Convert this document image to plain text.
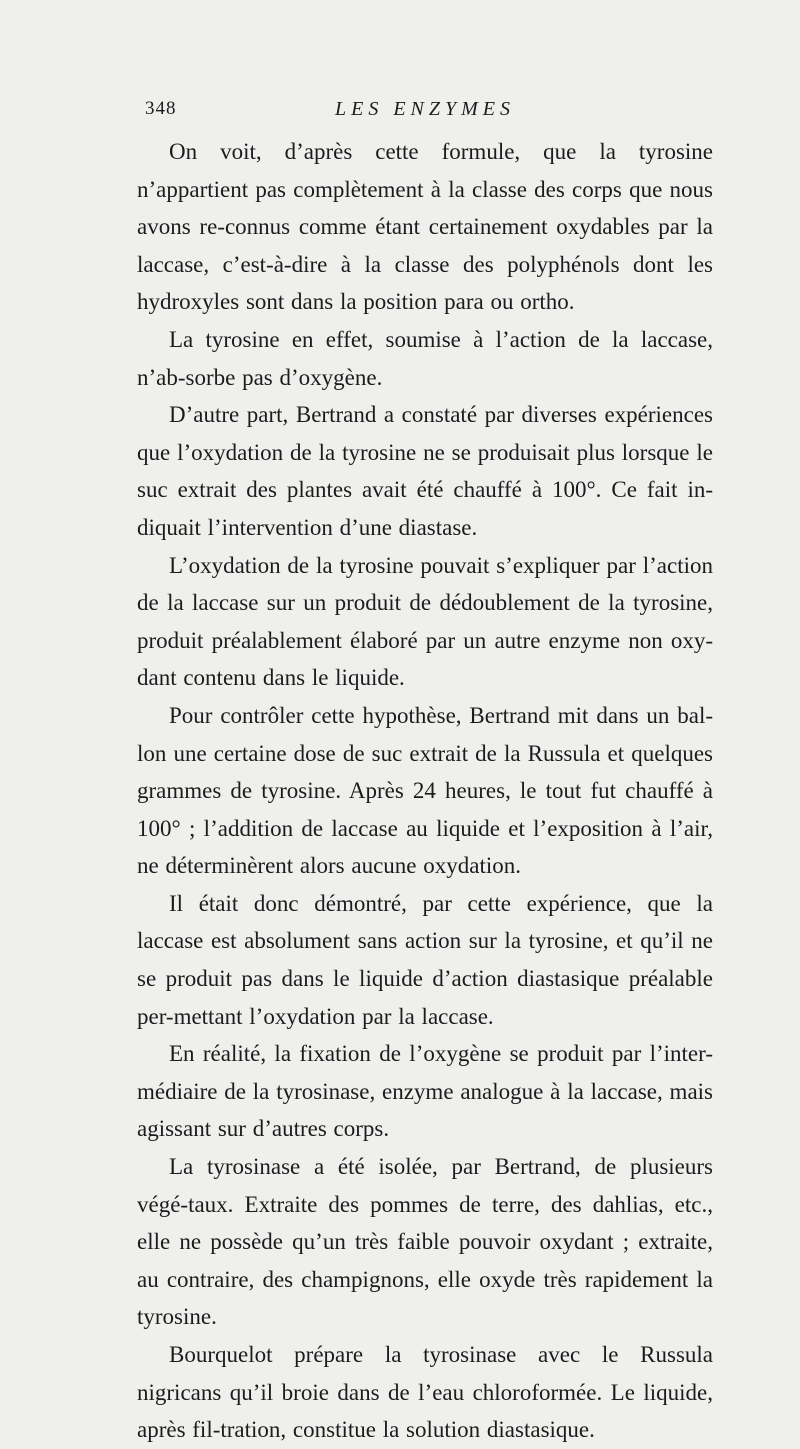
348	LES ENZYMES

On voit, d’après cette formule, que la tyrosine n’appartient pas complètement à la classe des corps que nous avons re-connus comme étant certainement oxydables par la laccase, c’est-à-dire à la classe des polyphénols dont les hydroxyles sont dans la position para ou ortho.

La tyrosine en effet, soumise à l’action de la laccase, n’ab-sorbe pas d’oxygène.

D’autre part, Bertrand a constaté par diverses expériences que l’oxydation de la tyrosine ne se produisait plus lorsque le suc extrait des plantes avait été chauffé à 100°. Ce fait in-diquait l’intervention d’une diastase.

L’oxydation de la tyrosine pouvait s’expliquer par l’action de la laccase sur un produit de dédoublement de la tyrosine, produit préalablement élaboré par un autre enzyme non oxy-dant contenu dans le liquide.

Pour contrôler cette hypothèse, Bertrand mit dans un bal-lon une certaine dose de suc extrait de la Russula et quelques grammes de tyrosine. Après 24 heures, le tout fut chauffé à 100° ; l’addition de laccase au liquide et l’exposition à l’air, ne déterminèrent alors aucune oxydation.

Il était donc démontré, par cette expérience, que la laccase est absolument sans action sur la tyrosine, et qu’il ne se produit pas dans le liquide d’action diastasique préalable per-mettant l’oxydation par la laccase.

En réalité, la fixation de l’oxygène se produit par l’inter-médiaire de la tyrosinase, enzyme analogue à la laccase, mais agissant sur d’autres corps.

La tyrosinase a été isolée, par Bertrand, de plusieurs végé-taux. Extraite des pommes de terre, des dahlias, etc., elle ne possède qu’un très faible pouvoir oxydant ; extraite, au contraire, des champignons, elle oxyde très rapidement la tyrosine.

Bourquelot prépare la tyrosinase avec le Russula nigricans qu’il broie dans de l’eau chloroformée. Le liquide, après fil-tration, constitue la solution diastasique.
